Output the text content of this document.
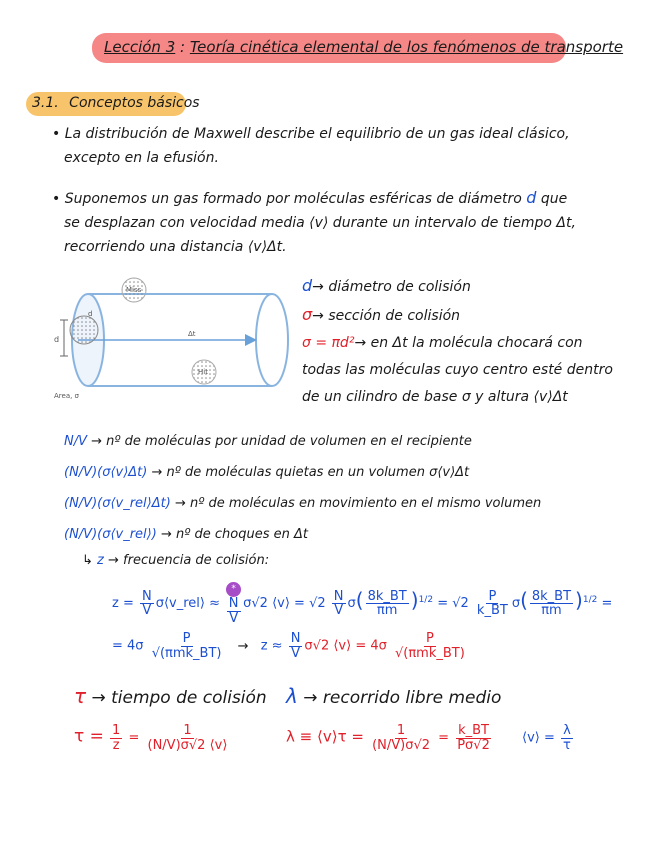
Lección 3 : Teoría cinética elemental de los fenómenos de transporte
3.1. Conceptos básicos
• La distribución de Maxwell describe el equilibrio de un gas ideal clásico,
excepto en la efusión.
• Suponemos un gas formado por moléculas esféricas de diámetro d que
se desplazan con velocidad media ⟨v⟩ durante un intervalo de tiempo Δt,
recorriendo una distancia ⟨v⟩Δt.
Miss
Hit
d
d
Δt
Area, σ
d→ diámetro de colisión
σ→ sección de colisión
σ = πd²→ en Δt la molécula chocará con
todas las moléculas cuyo centro esté dentro
de un cilindro de base σ y altura ⟨v⟩Δt
N/V → nº de moléculas por unidad de volumen en el recipiente
(N/V)(σ⟨v⟩Δt) → nº de moléculas quietas en un volumen σ⟨v⟩Δt
(N/V)(σ⟨v_rel⟩Δt) → nº de moléculas en movimiento en el mismo volumen
(N/V)(σ⟨v_rel⟩) → nº de choques en Δt
↳ z → frecuencia de colisión:
$z = \frac{N}{V}$ σ⟨v_rel⟩ ≈
*
N
V
σ√2 ⟨v⟩ = $√2 \frac{N}{V} \sigma( \frac{8k\_BT}{\pi m} )^{1/2} = √2 \frac{P}{k\_BT} \sigma( \frac{8k\_BT}{\pi m} )^{1/2}$ =
= $4\sigma \frac{P}{\text{√(πmk\_BT)}} \to z \approx \frac{N}{V} \sigma√2$ ⟨v⟩ = $4\sigma \frac{P}{\text{√(πmk\_BT)}}$
τ → tiempo de colisión λ → recorrido libre medio
$\tau = \frac{1}{z} = \frac{1}{(N/V)\sigma√2 ⟨v⟩}$	λ ≡ ⟨v⟩τ = $\frac{1}{(N/V)\sigma√2} = \frac{k\_BT}{P\sigma√2}$ ⟨v⟩ = $\frac{\lambda}{\tau}$
